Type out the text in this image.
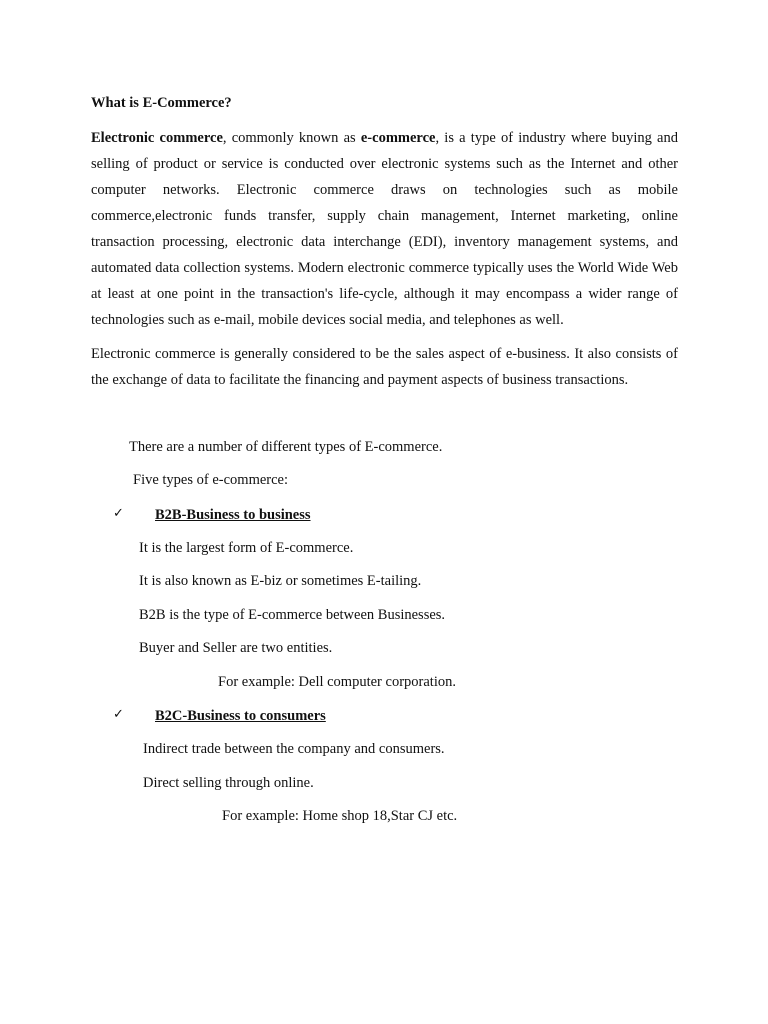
What is E-Commerce?
Electronic commerce, commonly known as e-commerce, is a type of industry where buying and selling of product or service is conducted over electronic systems such as the Internet and other computer networks. Electronic commerce draws on technologies such as mobile commerce,electronic funds transfer, supply chain management, Internet marketing, online transaction processing, electronic data interchange (EDI), inventory management systems, and automated data collection systems. Modern electronic commerce typically uses the World Wide Web at least at one point in the transaction's life-cycle, although it may encompass a wider range of technologies such as e-mail, mobile devices social media, and telephones as well.
Electronic commerce is generally considered to be the sales aspect of e-business. It also consists of the exchange of data to facilitate the financing and payment aspects of business transactions.
There are a number of different types of E-commerce.
Five types of e-commerce:
✓ B2B-Business to business
It is the largest form of E-commerce.
It is also known as E-biz or sometimes E-tailing.
B2B is the type of E-commerce between Businesses.
Buyer and Seller are two entities.
For example: Dell computer corporation.
✓ B2C-Business to consumers
Indirect trade between the company and consumers.
Direct selling through online.
For example: Home shop 18,Star CJ etc.
